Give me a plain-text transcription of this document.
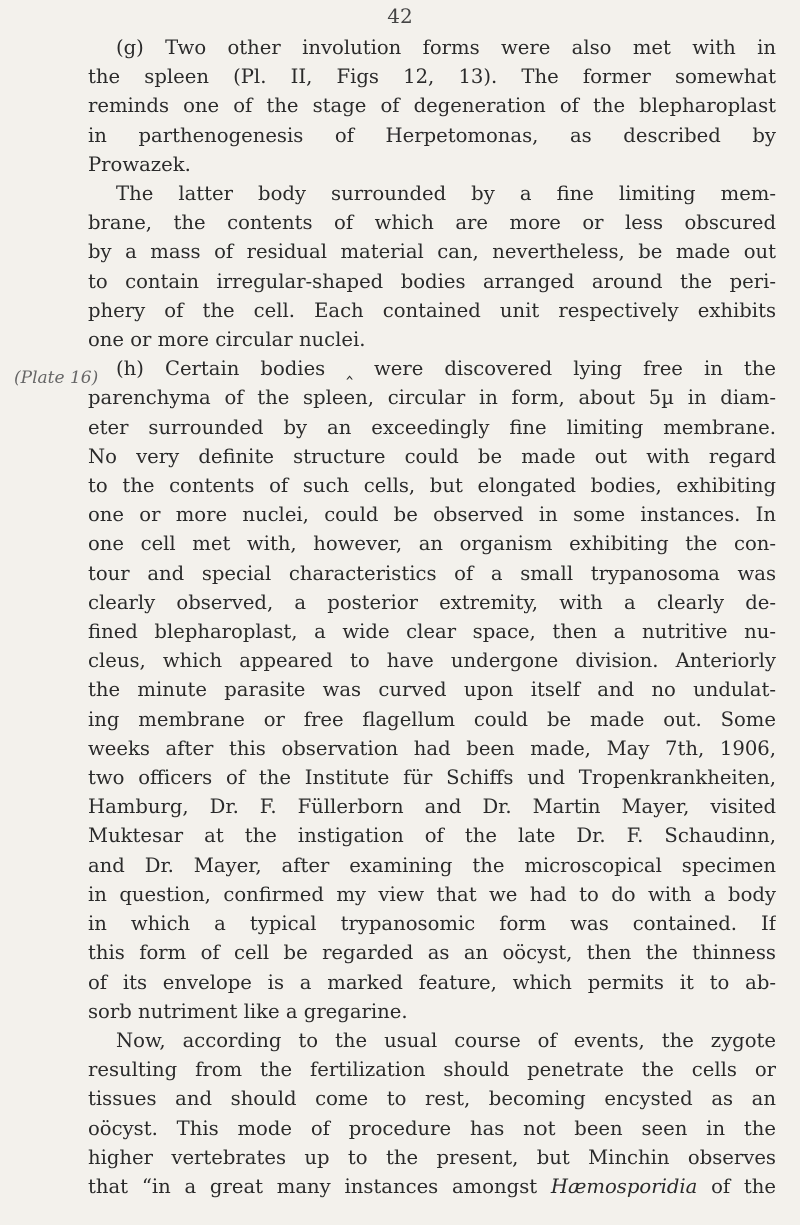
42
(Plate 16)
(g) Two other involution forms were also met with in
the spleen (Pl. II, Figs 12, 13). The former somewhat
reminds one of the stage of degeneration of the blepharoplast
in parthenogenesis of Herpetomonas, as described by
Prowazek.
The latter body surrounded by a fine limiting mem-
brane, the contents of which are more or less obscured
by a mass of residual material can, nevertheless, be made out
to contain irregular-shaped bodies arranged around the peri-
phery of the cell. Each contained unit respectively exhibits
one or more circular nuclei.
(h) Certain bodies ‸ were discovered lying free in the
parenchyma of the spleen, circular in form, about 5µ in diam-
eter surrounded by an exceedingly fine limiting membrane.
No very definite structure could be made out with regard
to the contents of such cells, but elongated bodies, exhibiting
one or more nuclei, could be observed in some instances. In
one cell met with, however, an organism exhibiting the con-
tour and special characteristics of a small trypanosoma was
clearly observed, a posterior extremity, with a clearly de-
fined blepharoplast, a wide clear space, then a nutritive nu-
cleus, which appeared to have undergone division. Anteriorly
the minute parasite was curved upon itself and no undulat-
ing membrane or free flagellum could be made out. Some
weeks after this observation had been made, May 7th, 1906,
two officers of the Institute für Schiffs und Tropenkrankheiten,
Hamburg, Dr. F. Füllerborn and Dr. Martin Mayer, visited
Muktesar at the instigation of the late Dr. F. Schaudinn,
and Dr. Mayer, after examining the microscopical specimen
in question, confirmed my view that we had to do with a body
in which a typical trypanosomic form was contained. If
this form of cell be regarded as an oöcyst, then the thinness
of its envelope is a marked feature, which permits it to ab-
sorb nutriment like a gregarine.
Now, according to the usual course of events, the zygote
resulting from the fertilization should penetrate the cells or
tissues and should come to rest, becoming encysted as an
oöcyst. This mode of procedure has not been seen in the
higher vertebrates up to the present, but Minchin observes
that “in a great many instances amongst Hæmosporidia of the
